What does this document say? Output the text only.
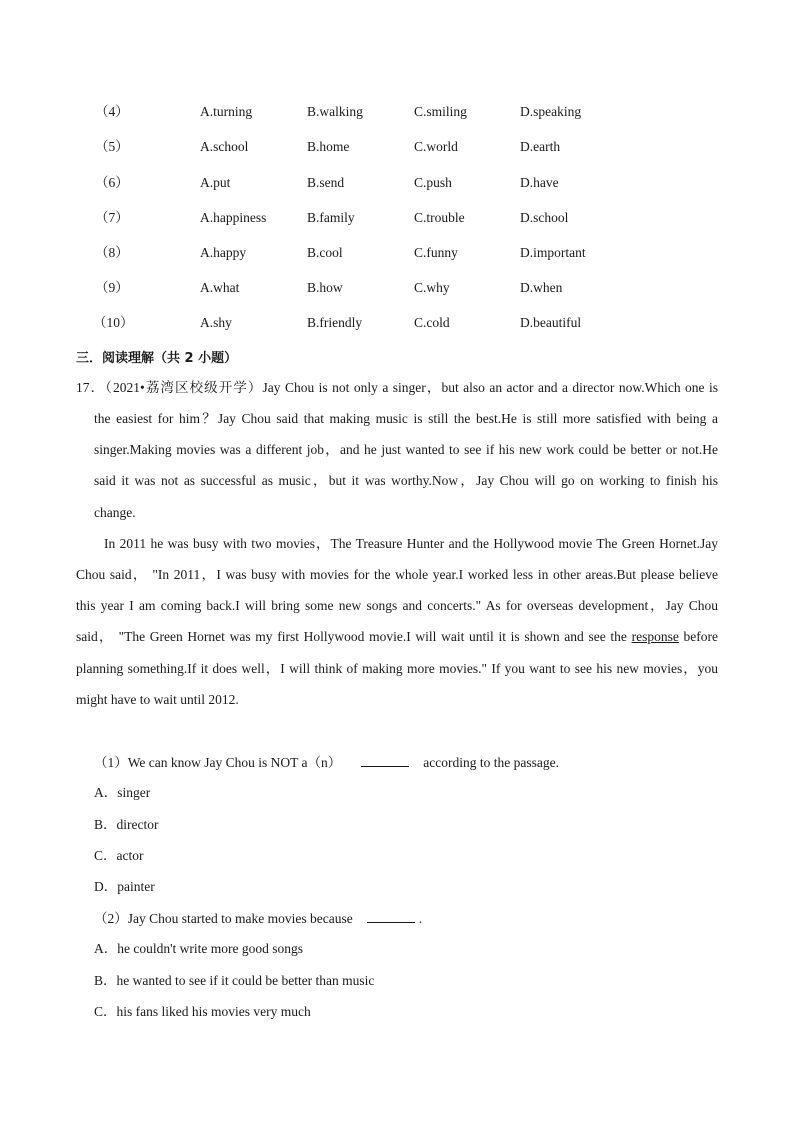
（4）	A.turning	B.walking	C.smiling	D.speaking
（5）	A.school	B.home	C.world	D.earth
（6）	A.put	B.send	C.push	D.have
（7）	A.happiness	B.family	C.trouble	D.school
（8）	A.happy	B.cool	C.funny	D.important
（9）	A.what	B.how	C.why	D.when
（10）	A.shy	B.friendly	C.cold	D.beautiful
三．阅读理解（共 2 小题）
17．（2021•荔湾区校级开学）Jay Chou is not only a singer，but also an actor and a director now.Which one is
the easiest for him？Jay Chou said that making music is still the best.He is still more satisfied with being a
singer.Making movies was a different job，and he just wanted to see if his new work could be better or not.He
said it was not as successful as music，but it was worthy.Now，Jay Chou will go on working to finish his
change.
In 2011 he was busy with two movies，The Treasure Hunter and the Hollywood movie The Green Hornet.Jay
Chou said， "In 2011，I was busy with movies for the whole year.I worked less in other areas.But please believe
this year I am coming back.I will bring some new songs and concerts." As for overseas development，Jay Chou
said， "The Green Hornet was my first Hollywood movie.I will wait until it is shown and see the response before
planning something.If it does well，I will think of making more movies." If you want to see his new movies，you
might have to wait until 2012.
（1）We can know Jay Chou is NOT a（n）	according to the passage.
A．singer
B．director
C．actor
D．painter
（2）Jay Chou started to make movies because	.
A．he couldn't write more good songs
B．he wanted to see if it could be better than music
C．his fans liked his movies very much
